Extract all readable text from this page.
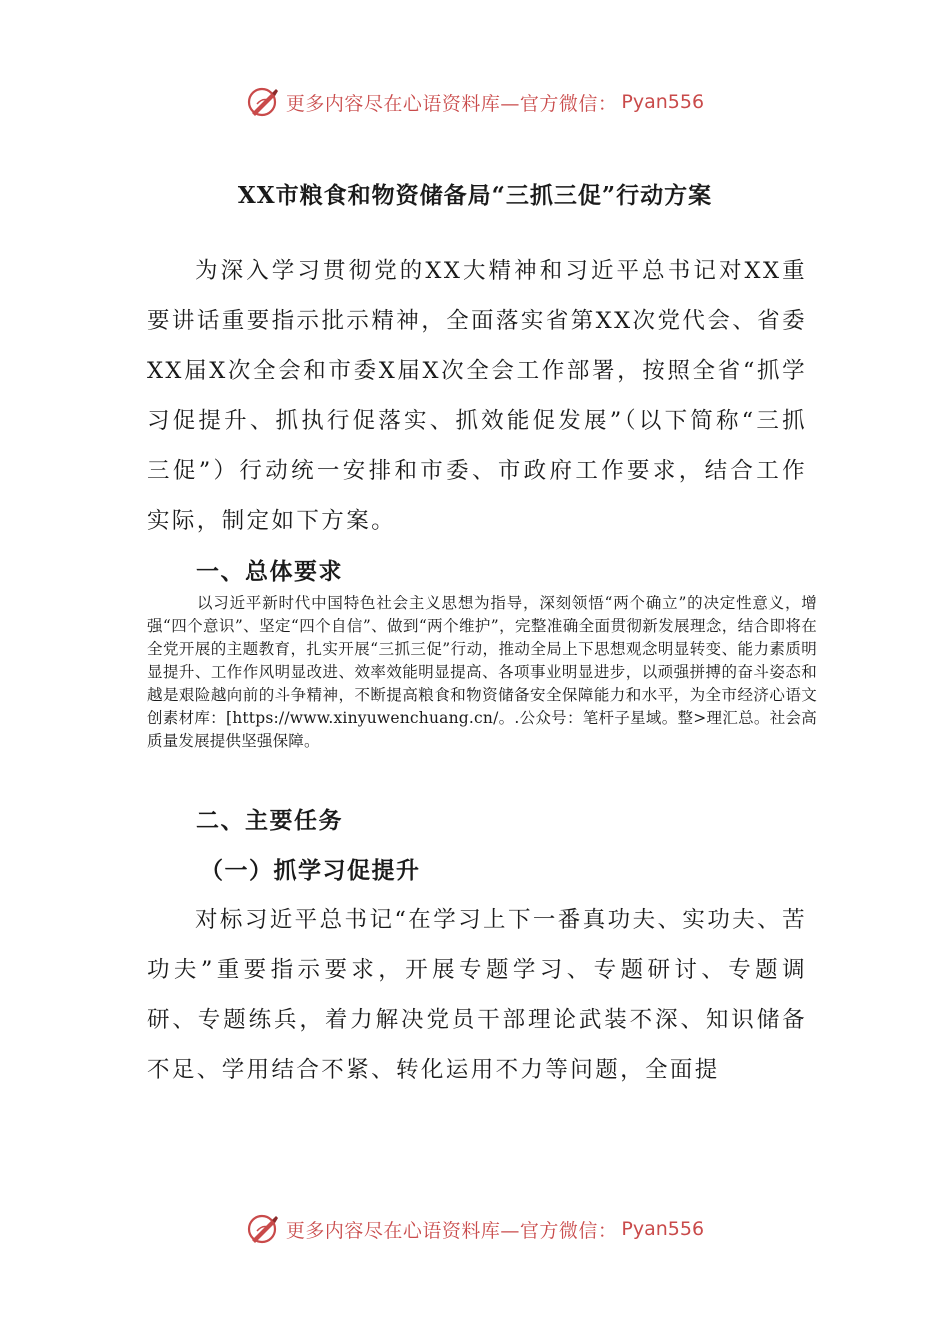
更多内容尽在心语资料库—官方微信： Pyan556
XX市粮食和物资储备局“三抓三促”行动方案

为深入学习贯彻党的XX大精神和习近平总书记对XX重要讲话重要指示批示精神，全面落实省第XX次党代会、省委XX届X次全会和市委X届X次全会工作部署，按照全省“抓学习促提升、抓执行促落实、抓效能促发展”（以下简称“三抓三促”）行动统一安排和市委、市政府工作要求，结合工作实际，制定如下方案。

一、总体要求

以习近平新时代中国特色社会主义思想为指导，深刻领悟“两个确立”的决定性意义，增强“四个意识”、坚定“四个自信”、做到“两个维护”，完整准确全面贯彻新发展理念，结合即将在全党开展的主题教育，扎实开展“三抓三促”行动，推动全局上下思想观念明显转变、能力素质明显提升、工作作风明显改进、效率效能明显提高、各项事业明显进步，以顽强拼搏的奋斗姿态和越是艰险越向前的斗争精神，不断提高粮食和物资储备安全保障能力和水平，为全市经济心语文创素材库：[https://www.xinyuwenchuang.cn/。.公众号：笔杆子星域。整>理汇总。社会高质量发展提供坚强保障。

二、主要任务
（一）抓学习促提升

对标习近平总书记“在学习上下一番真功夫、实功夫、苦功夫”重要指示要求，开展专题学习、专题研讨、专题调研、专题练兵，着力解决党员干部理论武装不深、知识储备不足、学用结合不紧、转化运用不力等问题，全面提

更多内容尽在心语资料库—官方微信： Pyan556
